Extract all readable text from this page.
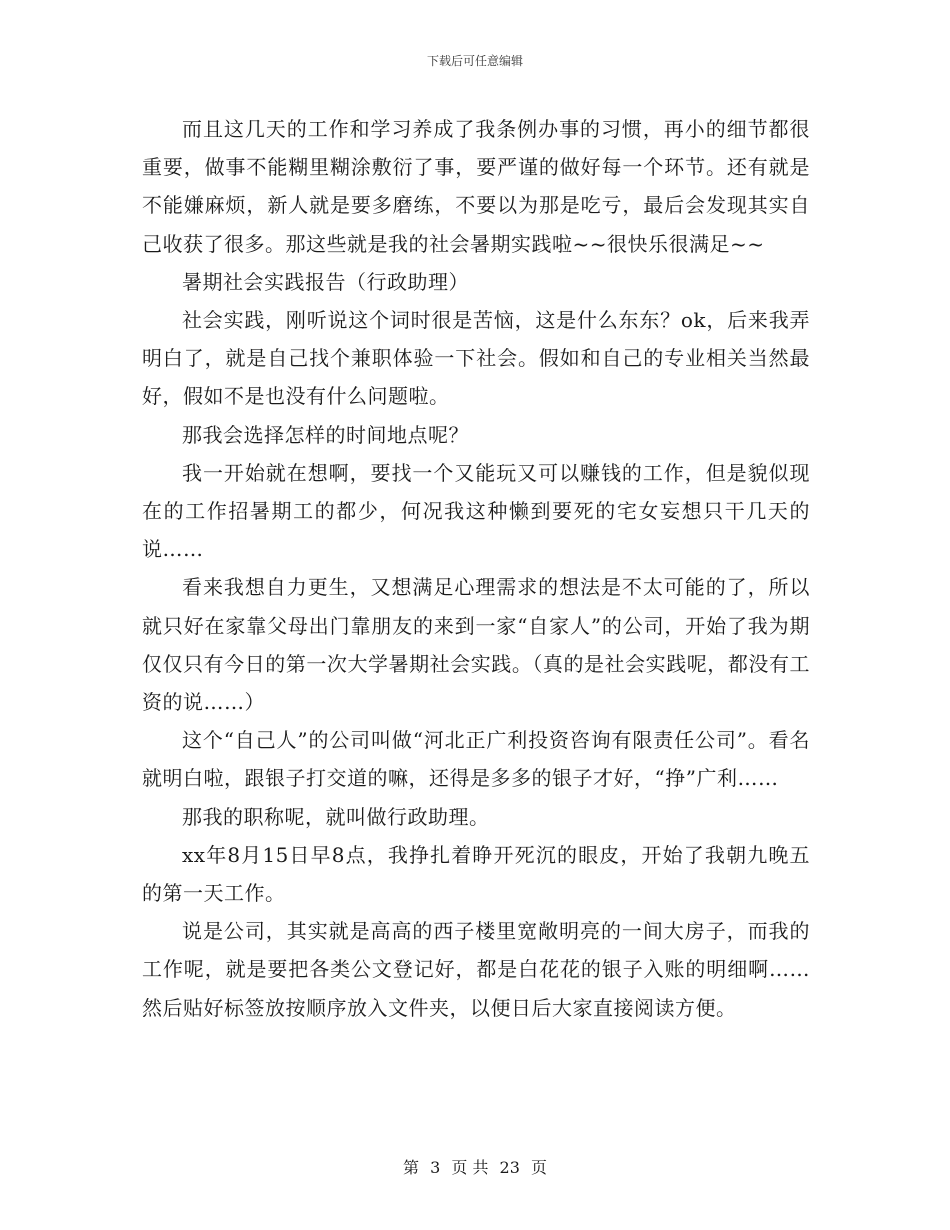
下载后可任意编辑

而且这几天的工作和学习养成了我条例办事的习惯，再小的细节都很重要，做事不能糊里糊涂敷衍了事，要严谨的做好每一个环节。还有就是不能嫌麻烦，新人就是要多磨练，不要以为那是吃亏，最后会发现其实自己收获了很多。那这些就是我的社会暑期实践啦~~很快乐很满足~~

暑期社会实践报告（行政助理）

社会实践，刚听说这个词时很是苦恼，这是什么东东？ok，后来我弄明白了，就是自己找个兼职体验一下社会。假如和自己的专业相关当然最好，假如不是也没有什么问题啦。

那我会选择怎样的时间地点呢？

我一开始就在想啊，要找一个又能玩又可以赚钱的工作，但是貌似现在的工作招暑期工的都少，何况我这种懒到要死的宅女妄想只干几天的说……

看来我想自力更生，又想满足心理需求的想法是不太可能的了，所以就只好在家靠父母出门靠朋友的来到一家“自家人”的公司，开始了我为期仅仅只有今日的第一次大学暑期社会实践。（真的是社会实践呢，都没有工资的说……）

这个“自己人”的公司叫做“河北正广利投资咨询有限责任公司”。看名就明白啦，跟银子打交道的嘛，还得是多多的银子才好，“挣”广利……

那我的职称呢，就叫做行政助理。

xx年8月15日早8点，我挣扎着睁开死沉的眼皮，开始了我朝九晚五的第一天工作。

说是公司，其实就是高高的西子楼里宽敞明亮的一间大房子，而我的工作呢，就是要把各类公文登记好，都是白花花的银子入账的明细啊……然后贴好标签放按顺序放入文件夹，以便日后大家直接阅读方便。

第 3 页 共 23 页
